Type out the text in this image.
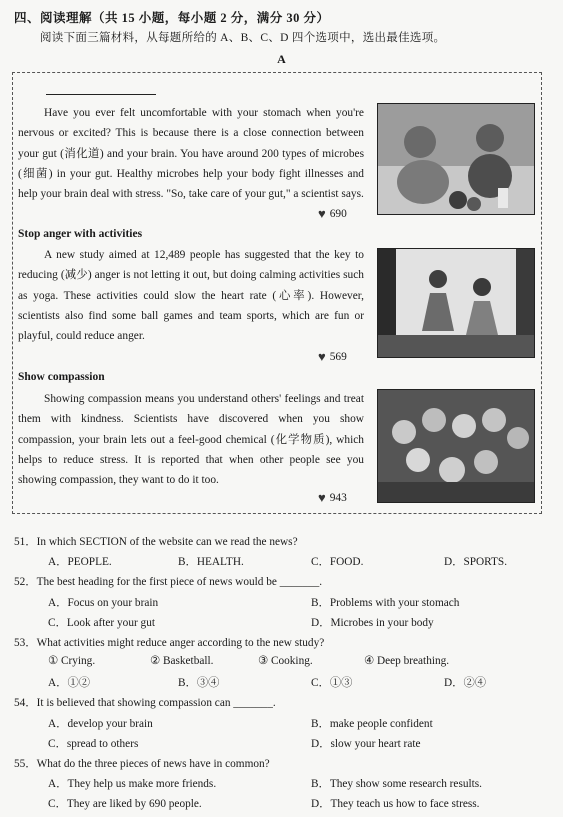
四、阅读理解（共 15 小题，每小题 2 分，满分 30 分）
阅读下面三篇材料，从每题所给的 A、B、C、D 四个选项中，选出最佳选项。
A

Have you ever felt uncomfortable with your stomach when you're nervous or excited? This is because there is a close connection between your gut (消化道) and your brain. You have around 200 types of microbes (细菌) in your gut. Healthy microbes help your body fight illnesses and help your brain deal with stress. "So, take care of your gut," a scientist says.

♥ 690
Stop anger with activities

A new study aimed at 12,489 people has suggested that the key to reducing (减少) anger is not letting it out, but doing calming activities such as yoga. These activities could slow the heart rate (心率). However, scientists also find some ball games and team sports, which are fun or playful, could reduce anger.

♥ 569
Show compassion

Showing compassion means you understand others' feelings and treat them with kindness. Scientists have discovered when you show compassion, your brain lets out a feel-good chemical (化学物质), which helps to reduce stress. It is reported that when other people see you showing compassion, they want to do it too.

♥ 943
51．In which SECTION of the website can we read the news?
A．PEOPLE.	B．HEALTH.	C．FOOD.	D．SPORTS.
52．The best heading for the first piece of news would be _______.
A．Focus on your brain	B．Problems with your stomach
C．Look after your gut	D．Microbes in your body
53．What activities might reduce anger according to the new study?
① Crying.	② Basketball.	③ Cooking.	④ Deep breathing.
A．①②	B．③④	C．①③	D．②④
54．It is believed that showing compassion can _______.
A．develop your brain	B．make people confident
C．spread to others	D．slow your heart rate
55．What do the three pieces of news have in common?
A．They help us make more friends.	B．They show some research results.
C．They are liked by 690 people.	D．They teach us how to face stress.
